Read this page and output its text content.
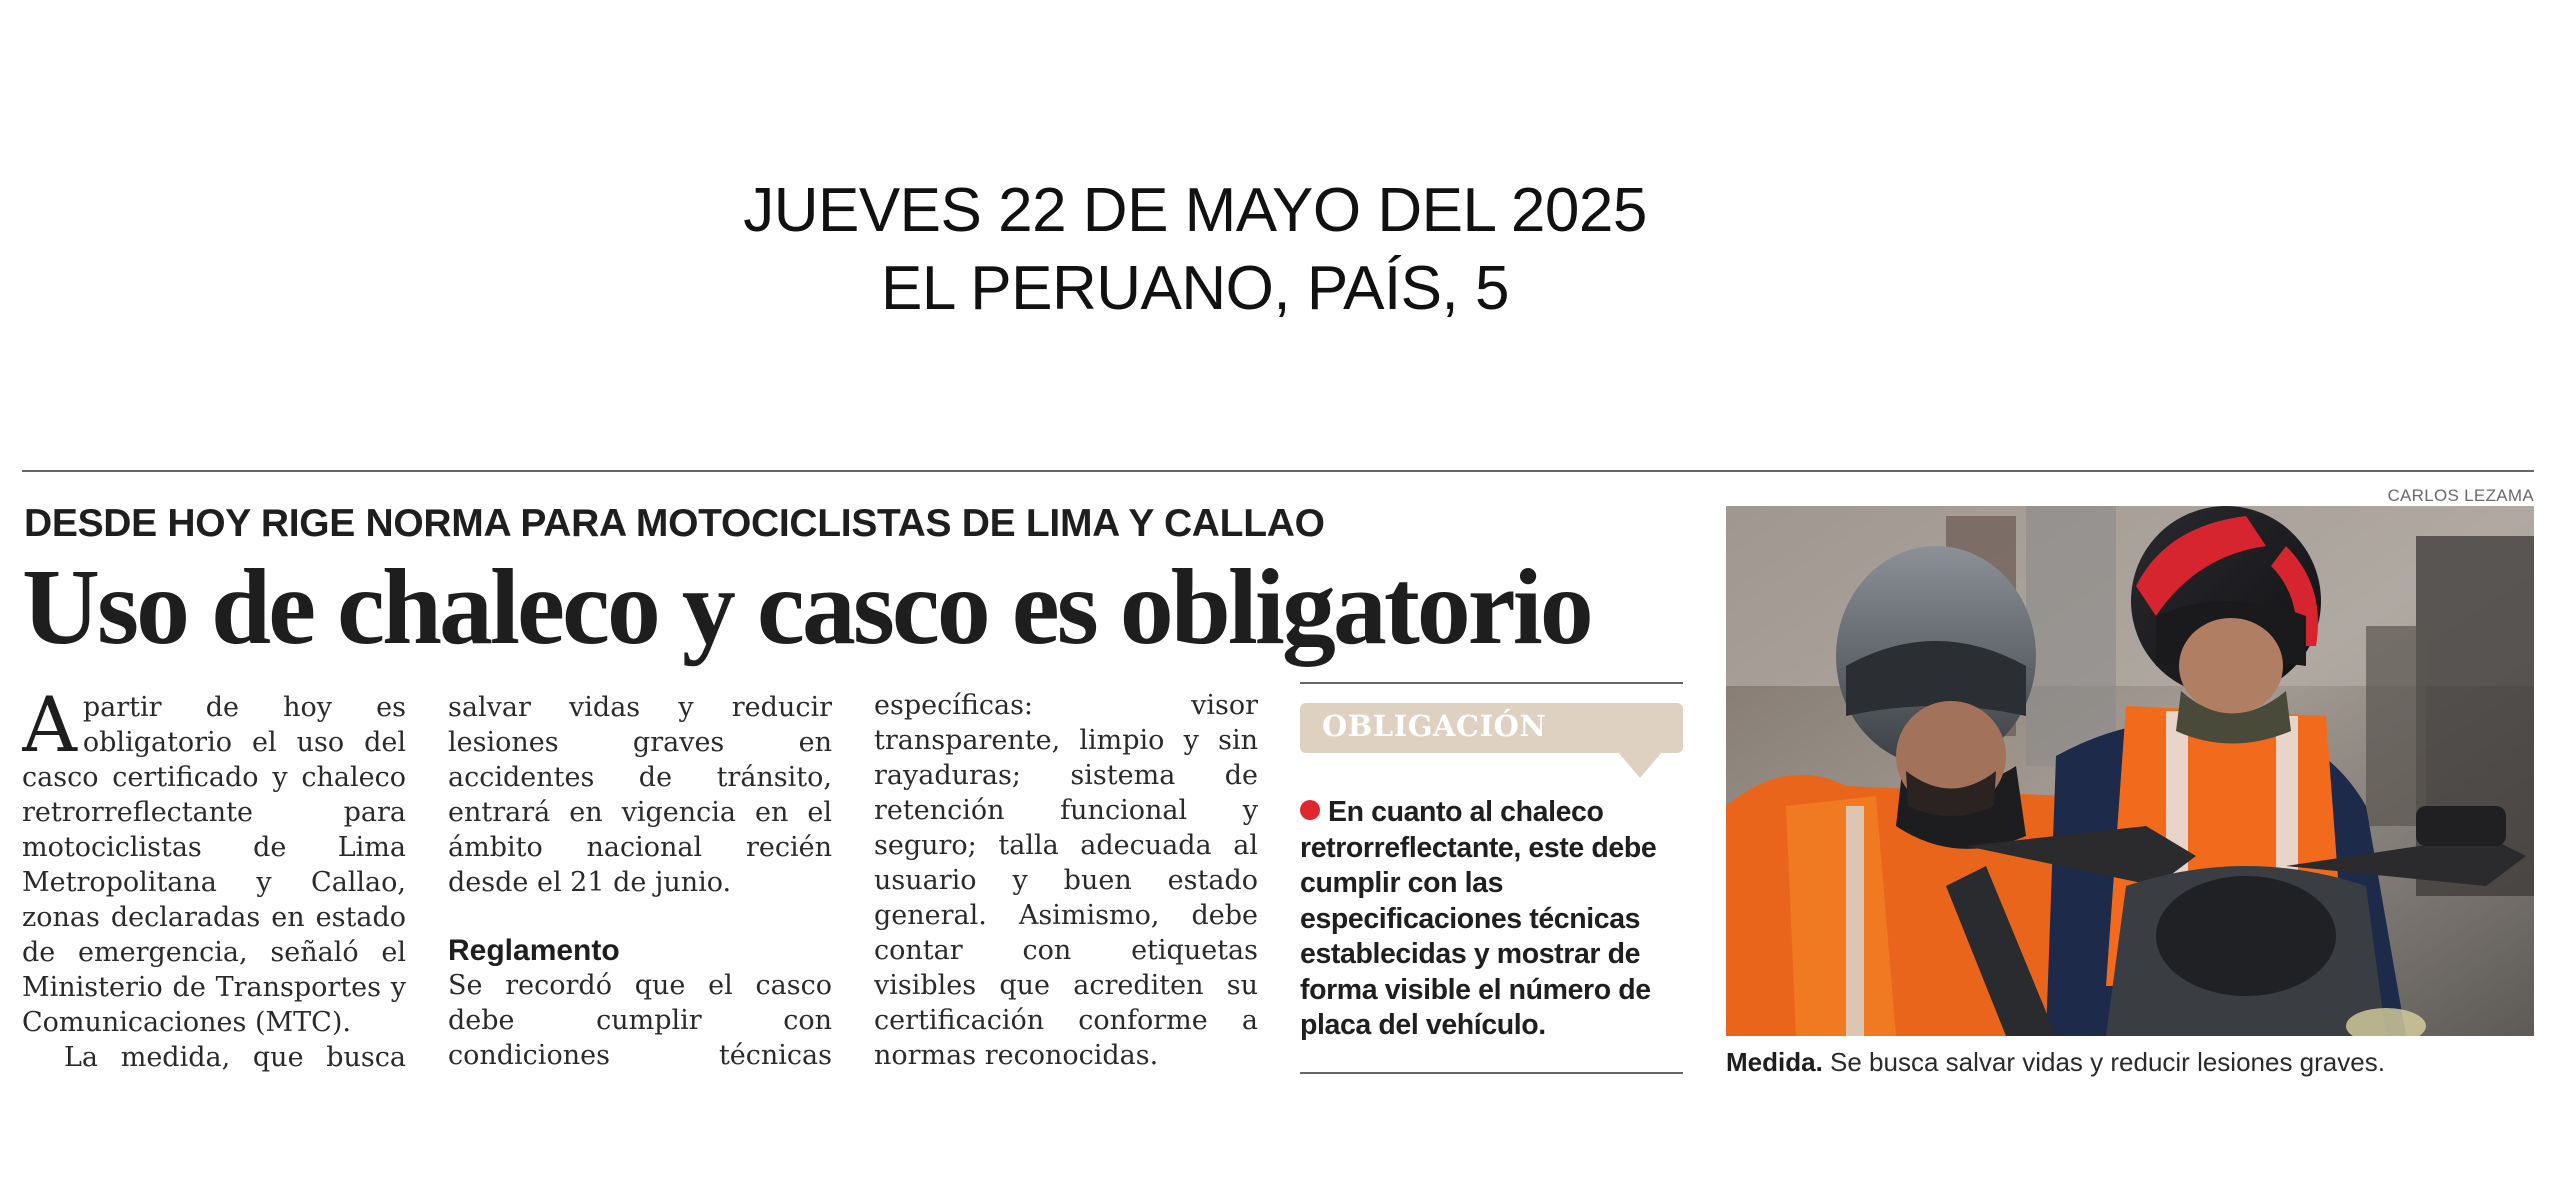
JUEVES 22 DE MAYO DEL 2025
EL PERUANO, PAÍS, 5
DESDE HOY RIGE NORMA PARA MOTOCICLISTAS DE LIMA Y CALLAO
Uso de chaleco y casco es obligatorio

Apartir de hoy es obligatorio el uso del casco certificado y chaleco retrorreflectante para motociclistas de Lima Metropolitana y Callao, zonas declaradas en estado de emergencia, señaló el Ministerio de Transportes y Comunicaciones (MTC).

La medida, que busca

salvar vidas y reducir lesiones graves en accidentes de tránsito, entrará en vigencia en el ámbito nacional recién desde el 21 de junio.

Reglamento

Se recordó que el casco debe cumplir con condiciones técnicas

específicas: visor transparente, limpio y sin rayaduras; sistema de retención funcional y seguro; talla adecuada al usuario y buen estado general. Asimismo, debe contar con etiquetas visibles que acrediten su certificación conforme a normas reconocidas.

OBLIGACIÓN
En cuanto al chaleco retrorreflectante, este debe cumplir con las especificaciones técnicas establecidas y mostrar de forma visible el número de placa del vehículo.
CARLOS LEZAMA
Medida. Se busca salvar vidas y reducir lesiones graves.
